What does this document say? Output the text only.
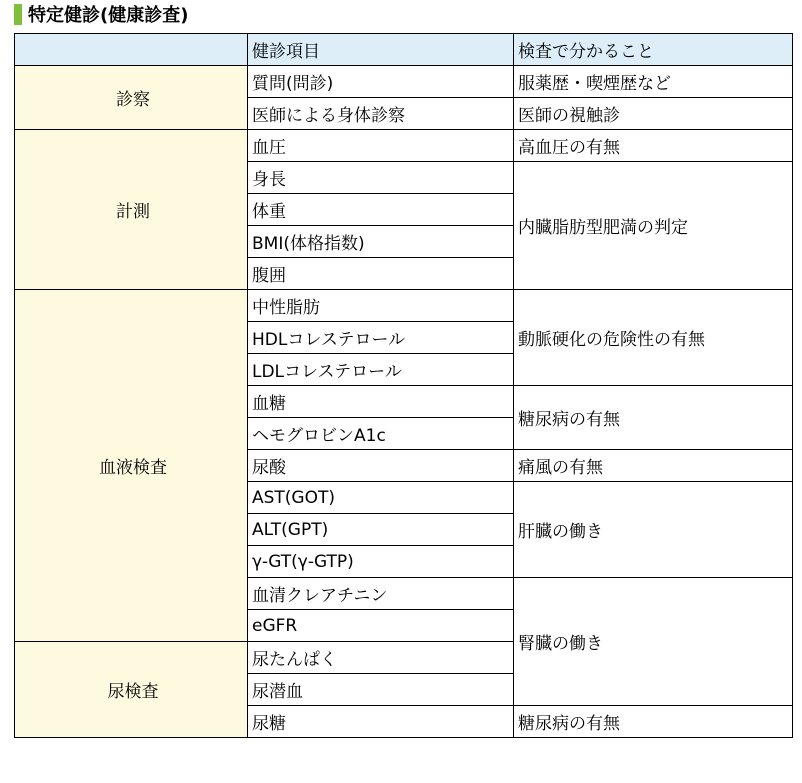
特定健診(健康診査)
	健診項目	検査で分かること
診察	質問(問診)	服薬歴・喫煙歴など
	医師による身体診察	医師の視触診
計測	血圧	高血圧の有無
	身長	内臓脂肪型肥満の判定
	体重	
	BMI(体格指数)	
	腹囲	
血液検査	中性脂肪	動脈硬化の危険性の有無
	HDLコレステロール	
	LDLコレステロール	
	血糖	糖尿病の有無
	ヘモグロビンA1c	
	尿酸	痛風の有無
	AST(GOT)	肝臓の働き
	ALT(GPT)	
	γ-GT(γ-GTP)	
	血清クレアチニン	腎臓の働き
	eGFR	
尿検査	尿たんぱく	
	尿潜血	
	尿糖	糖尿病の有無
